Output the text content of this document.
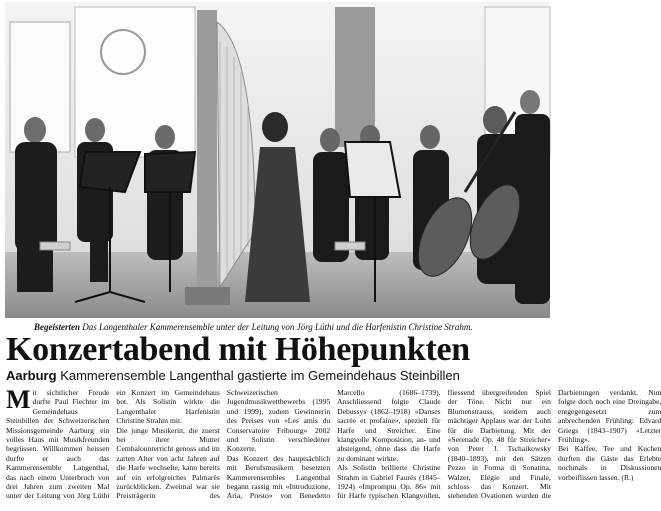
Begeisterten Das Langenthaler Kammerensemble unter der Leitung von Jörg Lüthi und die Harfenistin Christine Strahm.
Konzertabend mit Höhepunkten
Aarburg Kammerensemble Langenthal gastierte im Gemeindehaus Steinbillen

Mit sichtlicher Freude durfte Paul Fiechter im Gemeindehaus Steinbillen der Schweizerischen Missionsgemeinde Aarburg ein volles Haus mit Musikfreunden begrüssen. Willkommen heissen durfte er auch das Kammerensemble Langenthal, das nach einem Unterbruch von drei Jahren zum zweiten Mal unter der Leitung von Jörg Lüthi ein Konzert im Gemeindehaus bot. Als Solistin wirkte die Langenthaler Harfenistin Christine Strahm mit.

Die junge Musikerin, die zuerst bei ihrer Mutter Cembalounterricht genoss und im zarten Alter von acht Jahren auf die Harfe wechselte, kann bereits auf ein erfolgreiches Palmarès zurückblicken. Zweimal war sie Preisträgerin des Schweizerischen Jugendmusikwettbewerbs (1995 und 1999), zudem Gewinnerin des Preises von «Les amis du Conservatoire Fribourg» 2002 und Solistin verschiedener Konzerte.

Das Konzert des hauptsächlich mit Berufsmusikern besetzten Kammerensembles Langenthal begann rassig mit «Introduzione, Aria, Presto» von Benedetto Marcello (1686–1739). Anschliessend folgte Claude Debussys (1862–1918) «Danses sacrée et profaine», speziell für Harfe und Streicher. Eine klangvolle Komposition, an- und absteigend, ohne dass die Harfe zu dominant wirkte.

Als Solistin brillierte Christine Strahm in Gabriel Faurés (1845–1924) «Impromptu Op. 86» mit für Harfe typischen Klangvollen, fliessend übergreifenden Spiel der Töne. Nicht nur ein Blumenstrauss, sondern auch mächtiger Applaus war der Lohn für die Darbietung. Mit der «Serenade Op. 48 für Streicher» von Peter J. Tschaikowsky (1840–1893), mit den Sätzen Pezzo in Forma di Sonatina, Walzer, Elégie und Finale, schloss das Konzert. Mit stehenden Ovationen wurden die Darbietungen verdankt. Nun folgte doch noch eine Dreingabe, entgegengesetzt zum anbrechenden Frühling: Edvard Griegs (1843–1907) «Letzter Frühling».

Bei Kaffee, Tee und Kuchen durften die Gäste das Erlebte nochmals in Diskussionen vorbeiflissen lassen. (R.)
